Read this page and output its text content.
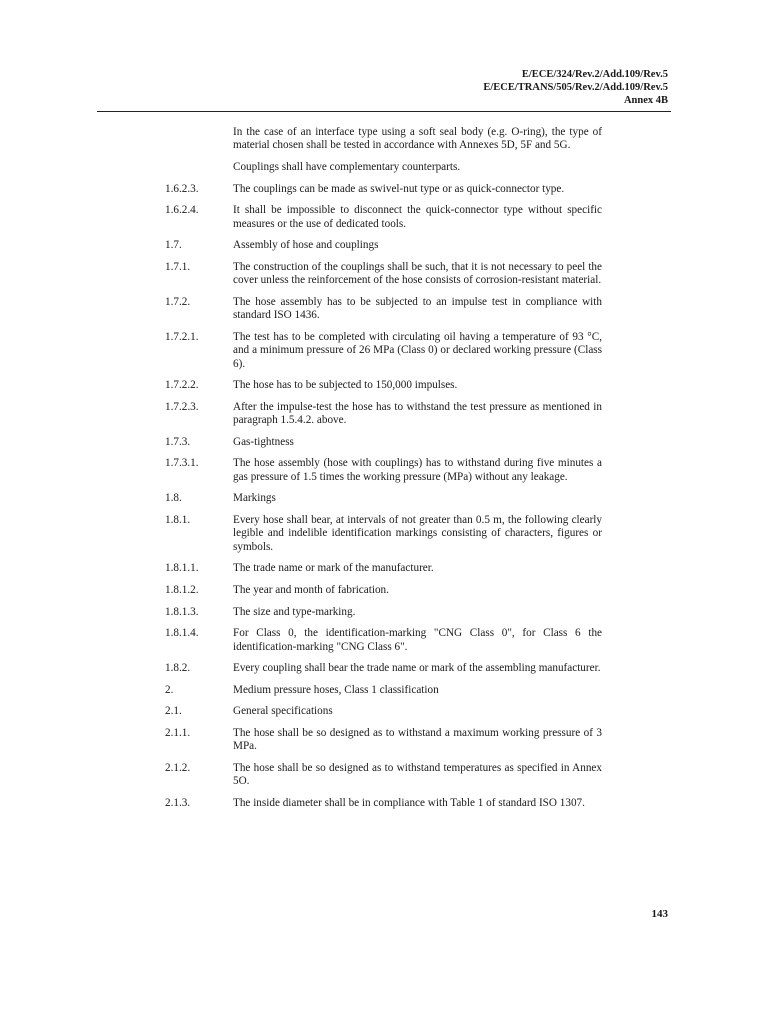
E/ECE/324/Rev.2/Add.109/Rev.5
E/ECE/TRANS/505/Rev.2/Add.109/Rev.5
Annex 4B
In the case of an interface type using a soft seal body (e.g. O-ring), the type of material chosen shall be tested in accordance with Annexes 5D, 5F and 5G.
Couplings shall have complementary counterparts.
1.6.2.3.	The couplings can be made as swivel-nut type or as quick-connector type.
1.6.2.4.	It shall be impossible to disconnect the quick-connector type without specific measures or the use of dedicated tools.
1.7.	Assembly of hose and couplings
1.7.1.	The construction of the couplings shall be such, that it is not necessary to peel the cover unless the reinforcement of the hose consists of corrosion-resistant material.
1.7.2.	The hose assembly has to be subjected to an impulse test in compliance with standard ISO 1436.
1.7.2.1.	The test has to be completed with circulating oil having a temperature of 93 °C, and a minimum pressure of 26 MPa (Class 0) or declared working pressure (Class 6).
1.7.2.2.	The hose has to be subjected to 150,000 impulses.
1.7.2.3.	After the impulse-test the hose has to withstand the test pressure as mentioned in paragraph 1.5.4.2. above.
1.7.3.	Gas-tightness
1.7.3.1.	The hose assembly (hose with couplings) has to withstand during five minutes a gas pressure of 1.5 times the working pressure (MPa) without any leakage.
1.8.	Markings
1.8.1.	Every hose shall bear, at intervals of not greater than 0.5 m, the following clearly legible and indelible identification markings consisting of characters, figures or symbols.
1.8.1.1.	The trade name or mark of the manufacturer.
1.8.1.2.	The year and month of fabrication.
1.8.1.3.	The size and type-marking.
1.8.1.4.	For Class 0, the identification-marking "CNG Class 0", for Class 6 the identification-marking "CNG Class 6".
1.8.2.	Every coupling shall bear the trade name or mark of the assembling manufacturer.
2.	Medium pressure hoses, Class 1 classification
2.1.	General specifications
2.1.1.	The hose shall be so designed as to withstand a maximum working pressure of 3 MPa.
2.1.2.	The hose shall be so designed as to withstand temperatures as specified in Annex 5O.
2.1.3.	The inside diameter shall be in compliance with Table 1 of standard ISO 1307.
143
